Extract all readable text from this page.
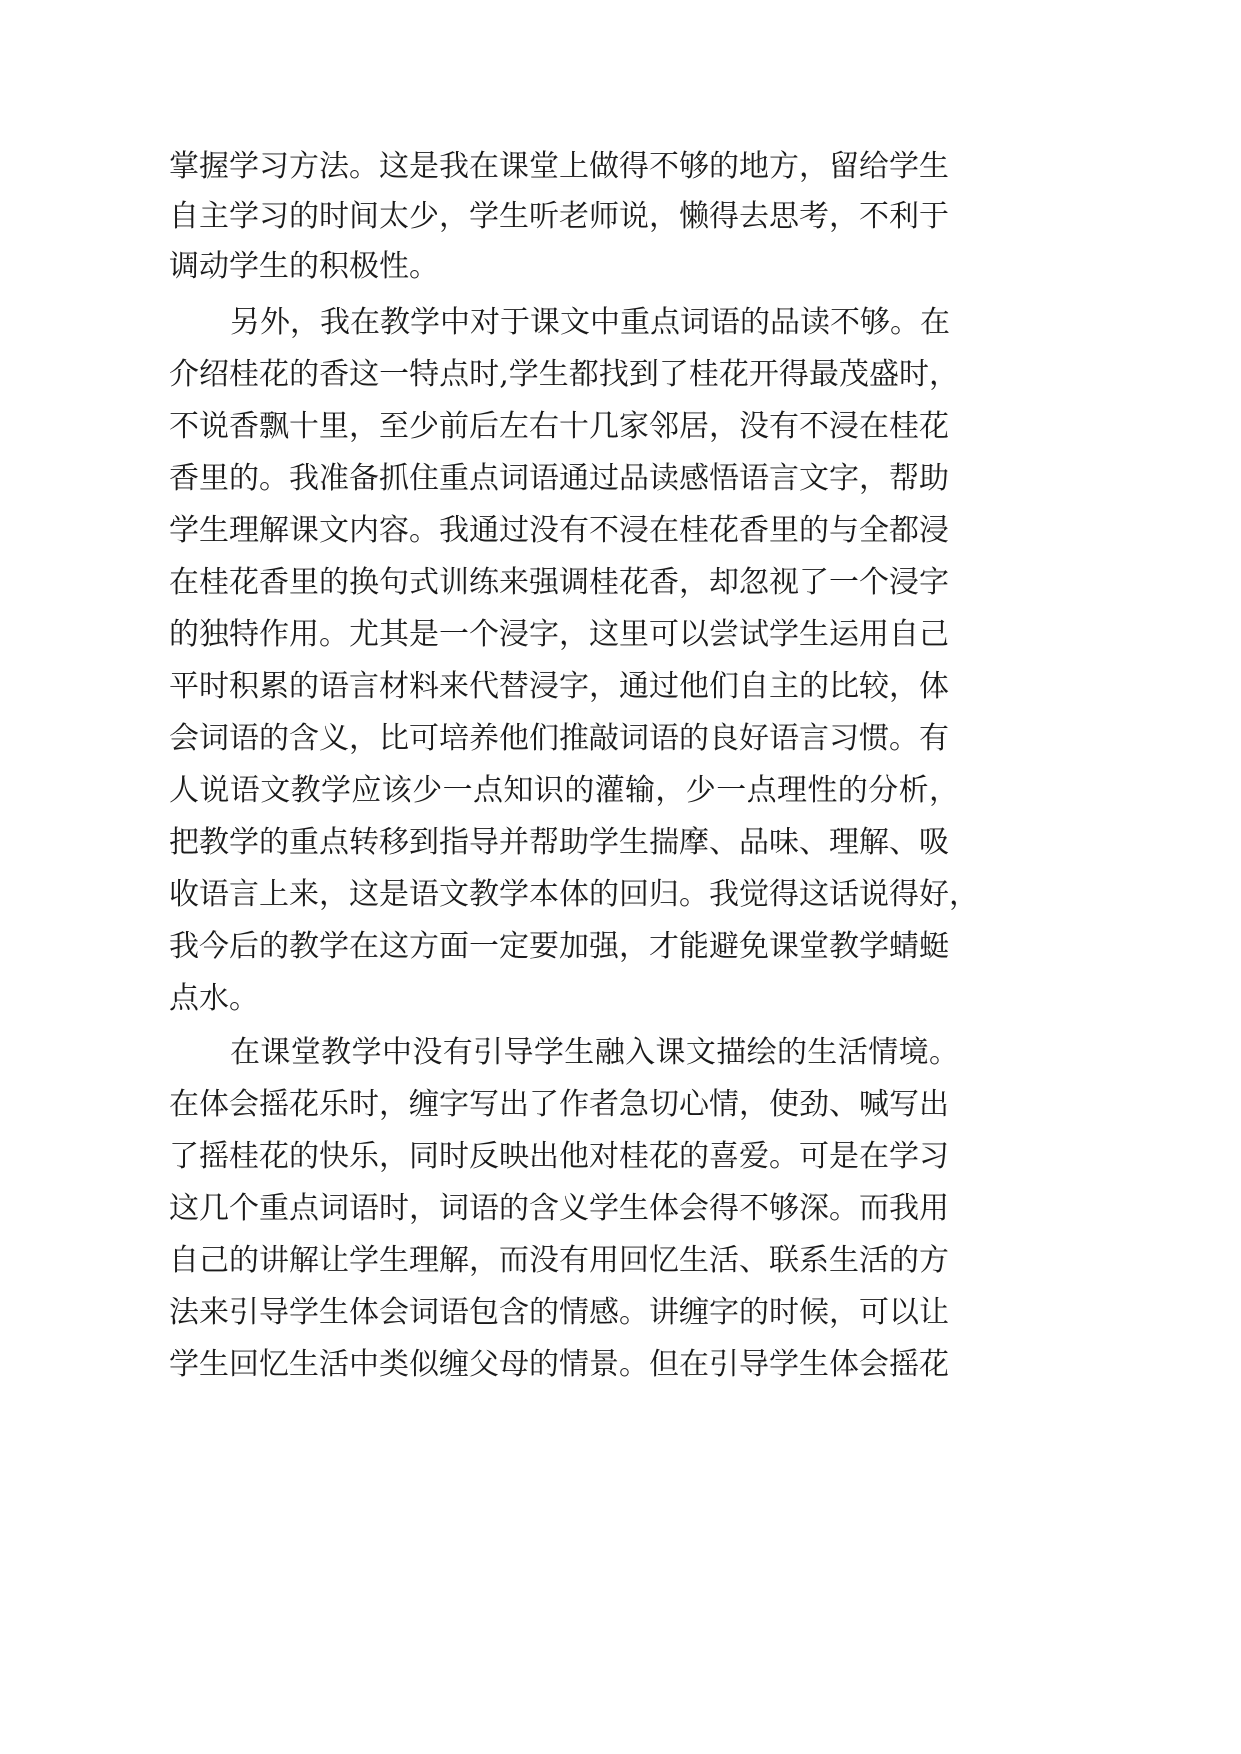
掌握学习方法。这是我在课堂上做得不够的地方，留给学生
自主学习的时间太少，学生听老师说，懒得去思考，不利于
调动学生的积极性。
另外，我在教学中对于课文中重点词语的品读不够。在
介绍桂花的香这一特点时,学生都找到了桂花开得最茂盛时，
不说香飘十里，至少前后左右十几家邻居，没有不浸在桂花
香里的。我准备抓住重点词语通过品读感悟语言文字，帮助
学生理解课文内容。我通过没有不浸在桂花香里的与全都浸
在桂花香里的换句式训练来强调桂花香，却忽视了一个浸字
的独特作用。尤其是一个浸字，这里可以尝试学生运用自己
平时积累的语言材料来代替浸字，通过他们自主的比较，体
会词语的含义，比可培养他们推敲词语的良好语言习惯。有
人说语文教学应该少一点知识的灌输，少一点理性的分析，
把教学的重点转移到指导并帮助学生揣摩、品味、理解、吸
收语言上来，这是语文教学本体的回归。我觉得这话说得好，
我今后的教学在这方面一定要加强，才能避免课堂教学蜻蜓
点水。
在课堂教学中没有引导学生融入课文描绘的生活情境。
在体会摇花乐时，缠字写出了作者急切心情，使劲、喊写出
了摇桂花的快乐，同时反映出他对桂花的喜爱。可是在学习
这几个重点词语时，词语的含义学生体会得不够深。而我用
自己的讲解让学生理解，而没有用回忆生活、联系生活的方
法来引导学生体会词语包含的情感。讲缠字的时候，可以让
学生回忆生活中类似缠父母的情景。但在引导学生体会摇花
